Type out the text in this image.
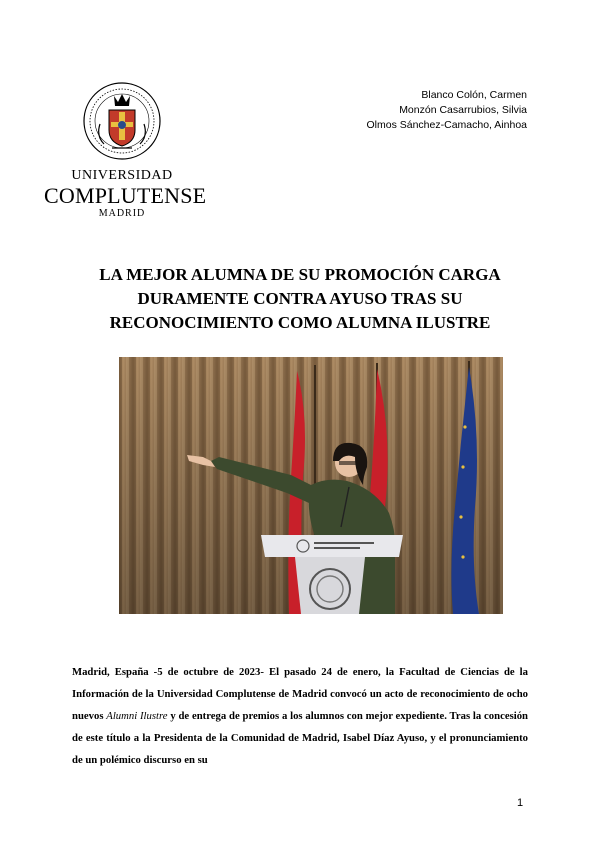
UNIVERSIDAD
COMPLUTENSE
MADRID
Blanco Colón, Carmen
Monzón Casarrubios, Silvia
Olmos Sánchez-Camacho, Ainhoa
LA MEJOR ALUMNA DE SU PROMOCIÓN CARGA
DURAMENTE CONTRA AYUSO TRAS SU
RECONOCIMIENTO COMO ALUMNA ILUSTRE
Madrid, España -5 de octubre de 2023- El pasado 24 de enero, la Facultad de Ciencias de la Información de la Universidad Complutense de Madrid convocó un acto de reconocimiento de ocho nuevos Alumni Ilustre y de entrega de premios a los alumnos con mejor expediente. Tras la concesión de este título a la Presidenta de la Comunidad de Madrid, Isabel Díaz Ayuso, y el pronunciamiento de un polémico discurso en su
1
